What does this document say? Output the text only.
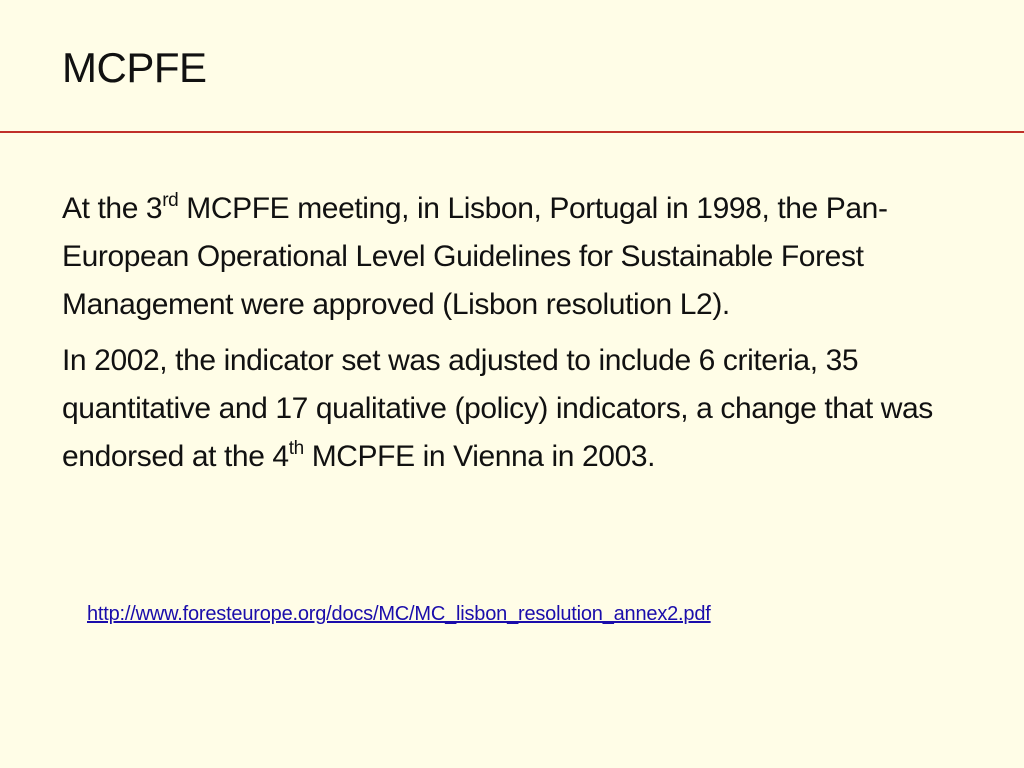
MCPFE

At the 3rd MCPFE meeting, in Lisbon, Portugal in 1998, the Pan-European Operational Level Guidelines for Sustainable Forest Management were approved (Lisbon resolution L2).

In 2002, the indicator set was adjusted to include 6 criteria, 35 quantitative and 17 qualitative (policy) indicators, a change that was endorsed at the 4th MCPFE in Vienna in 2003.

http://www.foresteurope.org/docs/MC/MC_lisbon_resolution_annex2.pdf
